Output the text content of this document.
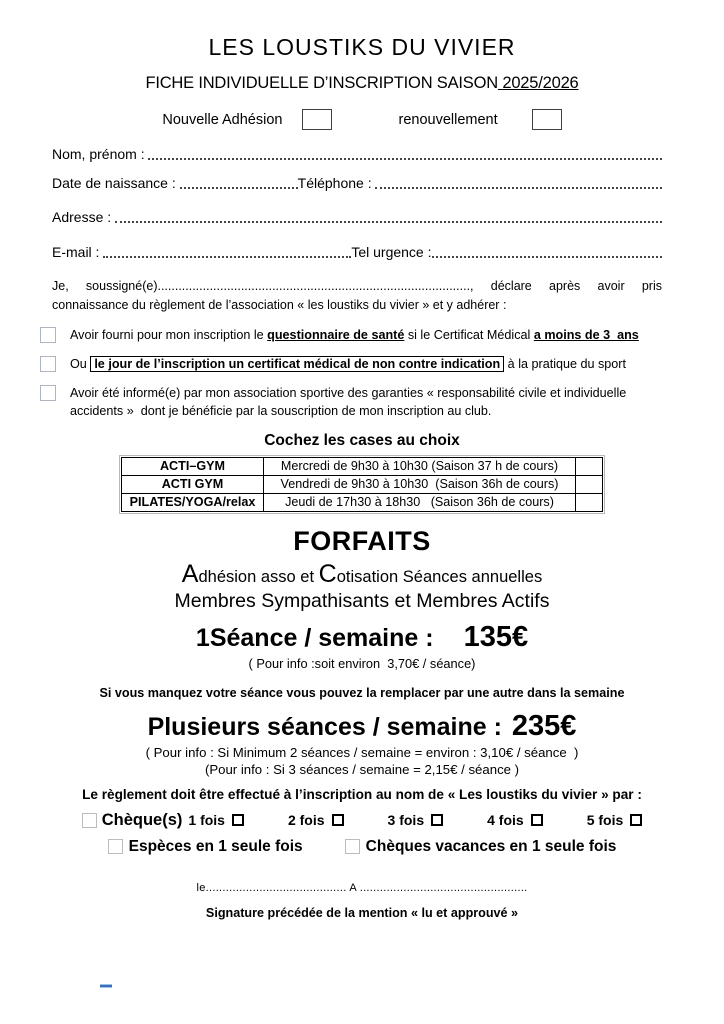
LES LOUSTIKS DU VIVIER
FICHE INDIVIDUELLE D’INSCRIPTION SAISON 2025/2026
Nouvelle Adhésion	renouvellement
Nom, prénom :
Date de naissance :	Téléphone :
Adresse :
E-mail :	Tel urgence :

Je, soussigné(e).........................................................................................., déclare après avoir pris connaissance du règlement de l’association « les loustiks du vivier » et y adhérer :

Avoir fourni pour mon inscription le questionnaire de santé si le Certificat Médical a moins de 3  ans
Ou le jour de l’inscription un certificat médical de non contre indication à la pratique du sport
Avoir été informé(e) par mon association sportive des garanties « responsabilité civile et individuelle accidents »  dont je bénéficie par la souscription de mon inscription au club.
Cochez les cases au choix
ACTI–GYM	Mercredi de 9h30 à 10h30 (Saison 37 h de cours)	
ACTI GYM	Vendredi de 9h30 à 10h30  (Saison 36h de cours)	
PILATES/YOGA/relax	Jeudi de 17h30 à 18h30   (Saison 36h de cours)	
FORFAITS
Adhésion asso et Cotisation Séances annuelles
Membres Sympathisants et Membres Actifs
1Séance / semaine : 135€
( Pour info :soit environ  3,70€ / séance)
Si vous manquez votre séance vous pouvez la remplacer par une autre dans la semaine
Plusieurs séances / semaine : 235€
( Pour info : Si Minimum 2 séances / semaine = environ : 3,10€ / séance  )
(Pour info : Si 3 séances / semaine = 2,15€ / séance )
Le règlement doit être effectué à l’inscription au nom de « Les loustiks du vivier » par :
Chèque(s) 1 fois	2 fois	3 fois	4 fois	5 fois
Espèces en 1 seule fois	Chèques vacances en 1 seule fois
le.......................................... A ..................................................
Signature précédée de la mention « lu et approuvé »
